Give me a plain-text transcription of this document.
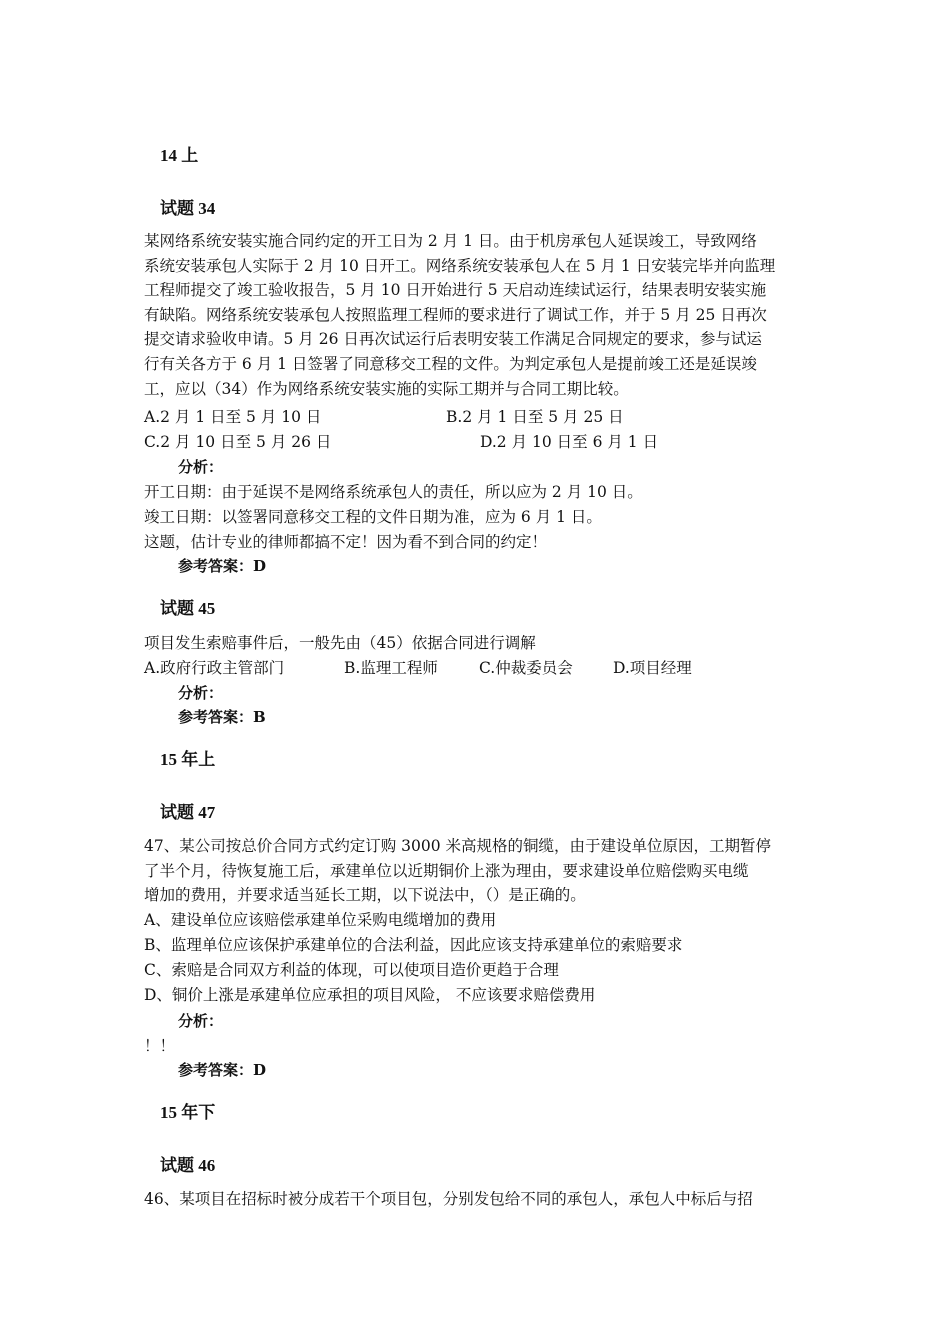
14 上
试题 34
某网络系统安装实施合同约定的开工日为 2 月 1 日。由于机房承包人延误竣工，导致网络
系统安装承包人实际于 2 月 10 日开工。网络系统安装承包人在 5 月 1 日安装完毕并向监理
工程师提交了竣工验收报告，5 月 10 日开始进行 5 天启动连续试运行，结果表明安装实施
有缺陷。网络系统安装承包人按照监理工程师的要求进行了调试工作，并于 5 月 25 日再次
提交请求验收申请。5 月 26 日再次试运行后表明安装工作满足合同规定的要求，参与试运
行有关各方于 6 月 1 日签署了同意移交工程的文件。为判定承包人是提前竣工还是延误竣
工，应以（34）作为网络系统安装实施的实际工期并与合同工期比较。
A.2 月 1 日至 5 月 10 日	B.2 月 1 日至 5 月 25 日
C.2 月 10 日至 5 月 26 日	D.2 月 10 日至 6 月 1 日
分析：
开工日期：由于延误不是网络系统承包人的责任，所以应为 2 月 10 日。
竣工日期：以签署同意移交工程的文件日期为准，应为 6 月 1 日。
这题，估计专业的律师都搞不定！因为看不到合同的约定！
参考答案：D
试题 45
项目发生索赔事件后，一般先由（45）依据合同进行调解
A.政府行政主管部门	B.监理工程师	C.仲裁委员会	D.项目经理
分析：
参考答案：B
15 年上
试题 47
47、某公司按总价合同方式约定订购 3000 米高规格的铜缆，由于建设单位原因，工期暂停
了半个月，待恢复施工后，承建单位以近期铜价上涨为理由，要求建设单位赔偿购买电缆
增加的费用，并要求适当延长工期，以下说法中，（）是正确的。
A、建设单位应该赔偿承建单位采购电缆增加的费用
B、监理单位应该保护承建单位的合法利益，因此应该支持承建单位的索赔要求
C、索赔是合同双方利益的体现，可以使项目造价更趋于合理
D、铜价上涨是承建单位应承担的项目风险， 不应该要求赔偿费用
分析：
！！
参考答案：D
15 年下
试题 46
46、某项目在招标时被分成若干个项目包，分别发包给不同的承包人，承包人中标后与招
